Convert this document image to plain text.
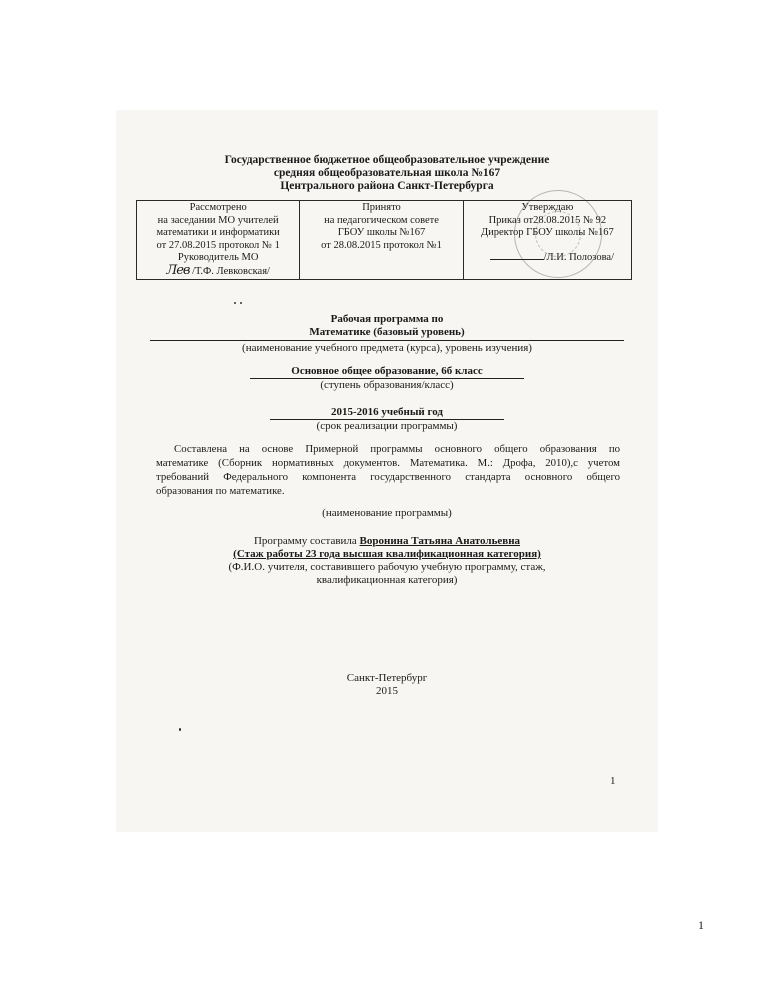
Государственное бюджетное общеобразовательное учреждение
средняя общеобразовательная школа №167
Центрального района Санкт-Петербурга
Рассмотрено
на заседании МО учителей
математики и информатики
от 27.08.2015 протокол № 1
Руководитель МО
Лев /Т.Ф. Левковская/

Принято
на педагогическом совете
ГБОУ школы №167
от 28.08.2015 протокол №1

Утверждаю
Приказ от28.08.2015 № 92
Директор ГБОУ школы №167
/Л.И. Полозова/
Рабочая программа по
Математике (базовый уровень)
(наименование учебного предмета (курса), уровень изучения)
Основное общее образование, 6б класс
(ступень образования/класс)
2015-2016 учебный год
(срок реализации программы)
Составлена на основе Примерной программы основного общего образования по
математике (Сборник нормативных документов. Математика. М.: Дрофа, 2010),с учетом
требований Федерального компонента государственного стандарта основного общего
образования по математике.
(наименование программы)
Программу составила Воронина Татьяна Анатольевна
(Стаж работы 23 года высшая квалификационная категория)
(Ф.И.О. учителя, составившего рабочую учебную программу, стаж,
квалификационная категория)
Санкт-Петербург
2015
1
1
